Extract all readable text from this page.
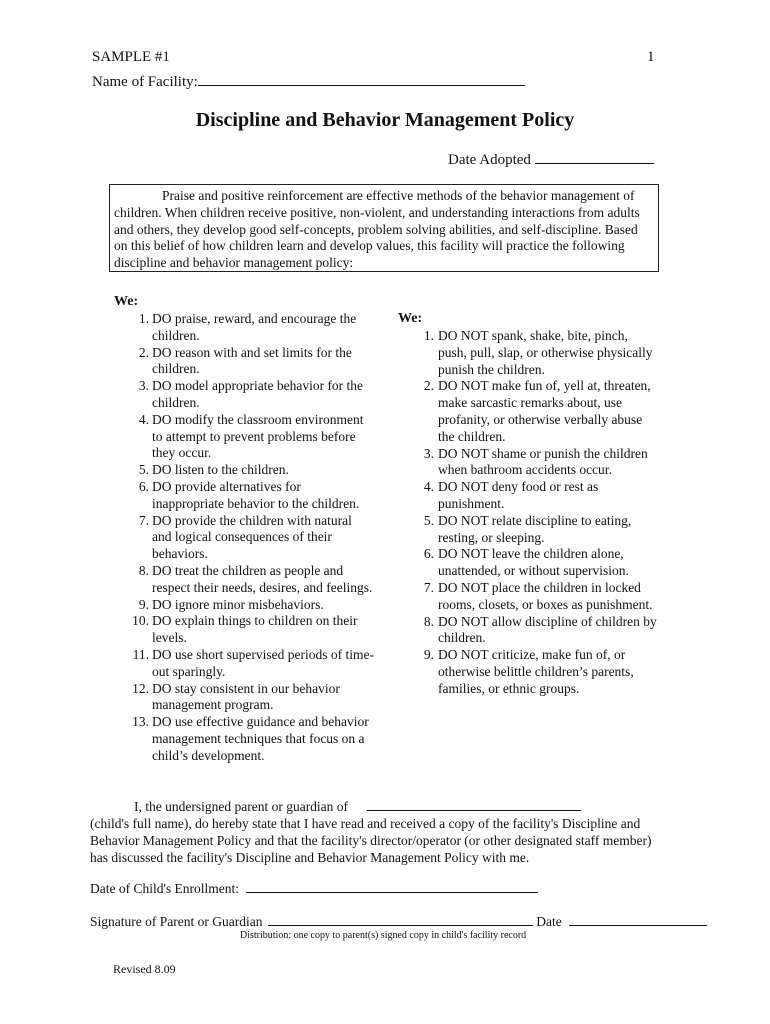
SAMPLE #1	1
Name of Facility:
Discipline and Behavior Management Policy
Date Adopted

Praise and positive reinforcement are effective methods of the behavior management of children. When children receive positive, non-violent, and understanding interactions from adults and others, they develop good self-concepts, problem solving abilities, and self-discipline. Based on this belief of how children learn and develop values, this facility will practice the following discipline and behavior management policy:

We:
1. DO praise, reward, and encourage the children.
2. DO reason with and set limits for the children.
3. DO model appropriate behavior for the children.
4. DO modify the classroom environment to attempt to prevent problems before they occur.
5. DO listen to the children.
6. DO provide alternatives for inappropriate behavior to the children.
7. DO provide the children with natural and logical consequences of their behaviors.
8. DO treat the children as people and respect their needs, desires, and feelings.
9. DO ignore minor misbehaviors.
10. DO explain things to children on their levels.
11. DO use short supervised periods of time-out sparingly.
12. DO stay consistent in our behavior management program.
13. DO use effective guidance and behavior management techniques that focus on a child’s development.
We:
1. DO NOT spank, shake, bite, pinch, push, pull, slap, or otherwise physically punish the children.
2. DO NOT make fun of, yell at, threaten, make sarcastic remarks about, use profanity, or otherwise verbally abuse the children.
3. DO NOT shame or punish the children when bathroom accidents occur.
4. DO NOT deny food or rest as punishment.
5. DO NOT relate discipline to eating, resting, or sleeping.
6. DO NOT leave the children alone, unattended, or without supervision.
7. DO NOT place the children in locked rooms, closets, or boxes as punishment.
8. DO NOT allow discipline of children by children.
9. DO NOT criticize, make fun of, or otherwise belittle children’s parents, families, or ethnic groups.
I, the undersigned parent or guardian of
(child's full name), do hereby state that I have read and received a copy of the facility's Discipline and
Behavior Management Policy and that the facility's director/operator (or other designated staff member)
has discussed the facility's Discipline and Behavior Management Policy with me.
Date of Child's Enrollment:
Signature of Parent or Guardian	Date
Distribution: one copy to parent(s) signed copy in child's facility record
Revised 8.09
